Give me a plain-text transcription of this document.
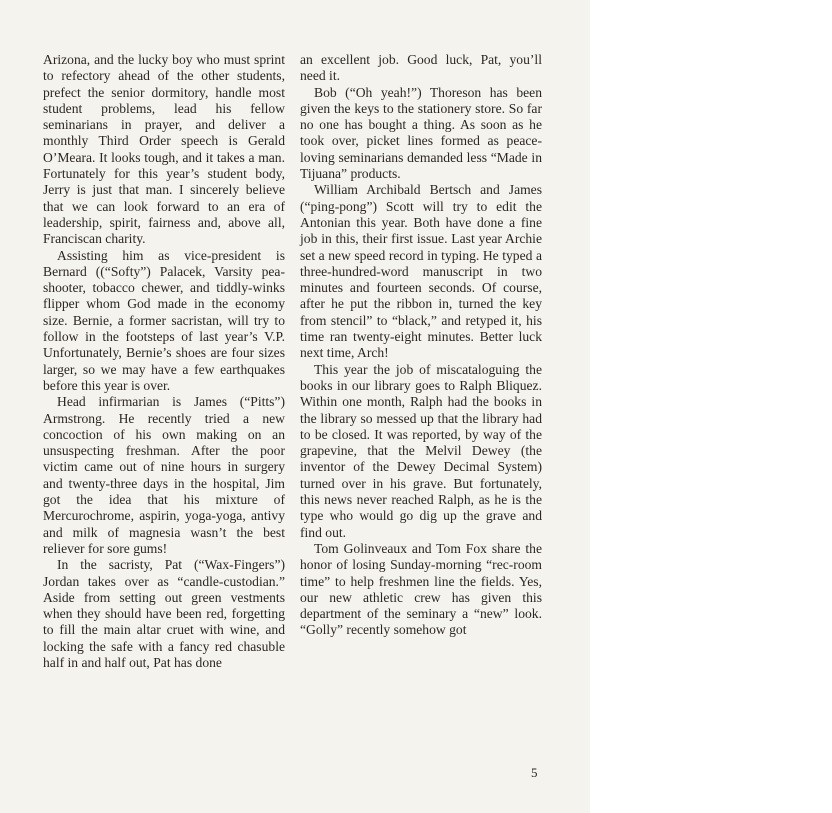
Arizona, and the lucky boy who must sprint to refectory ahead of the other students, prefect the senior dormitory, handle most student problems, lead his fellow seminarians in prayer, and deliver a monthly Third Order speech is Gerald O’Meara. It looks tough, and it takes a man. Fortunately for this year’s student body, Jerry is just that man. I sincerely believe that we can look forward to an era of leadership, spirit, fairness and, above all, Franciscan charity.

Assisting him as vice-president is Bernard ((“Softy”) Palacek, Varsity pea-shooter, tobacco chewer, and tiddly-winks flipper whom God made in the economy size. Bernie, a former sacristan, will try to follow in the footsteps of last year’s V.P. Unfortunately, Bernie’s shoes are four sizes larger, so we may have a few earthquakes before this year is over.

Head infirmarian is James (“Pitts”) Armstrong. He recently tried a new concoction of his own making on an unsuspecting freshman. After the poor victim came out of nine hours in surgery and twenty-three days in the hospital, Jim got the idea that his mixture of Mercurochrome, aspirin, yoga-yoga, antivy and milk of magnesia wasn’t the best reliever for sore gums!

In the sacristy, Pat (“Wax-Fingers”) Jordan takes over as “candle-custodian.” Aside from setting out green vestments when they should have been red, forgetting to fill the main altar cruet with wine, and locking the safe with a fancy red chasuble half in and half out, Pat has done

an excellent job. Good luck, Pat, you’ll need it.

Bob (“Oh yeah!”) Thoreson has been given the keys to the stationery store. So far no one has bought a thing. As soon as he took over, picket lines formed as peace-loving seminarians demanded less “Made in Tijuana” products.

William Archibald Bertsch and James (“ping-pong”) Scott will try to edit the Antonian this year. Both have done a fine job in this, their first issue. Last year Archie set a new speed record in typing. He typed a three-hundred-word manuscript in two minutes and fourteen seconds. Of course, after he put the ribbon in, turned the key from stencil” to “black,” and retyped it, his time ran twenty-eight minutes. Better luck next time, Arch!

This year the job of miscataloguing the books in our library goes to Ralph Bliquez. Within one month, Ralph had the books in the library so messed up that the library had to be closed. It was reported, by way of the grapevine, that the Melvil Dewey (the inventor of the Dewey Decimal System) turned over in his grave. But fortunately, this news never reached Ralph, as he is the type who would go dig up the grave and find out.

Tom Golinveaux and Tom Fox share the honor of losing Sunday-morning “rec-room time” to help freshmen line the fields. Yes, our new athletic crew has given this department of the seminary a “new” look. “Golly” recently somehow got

5
